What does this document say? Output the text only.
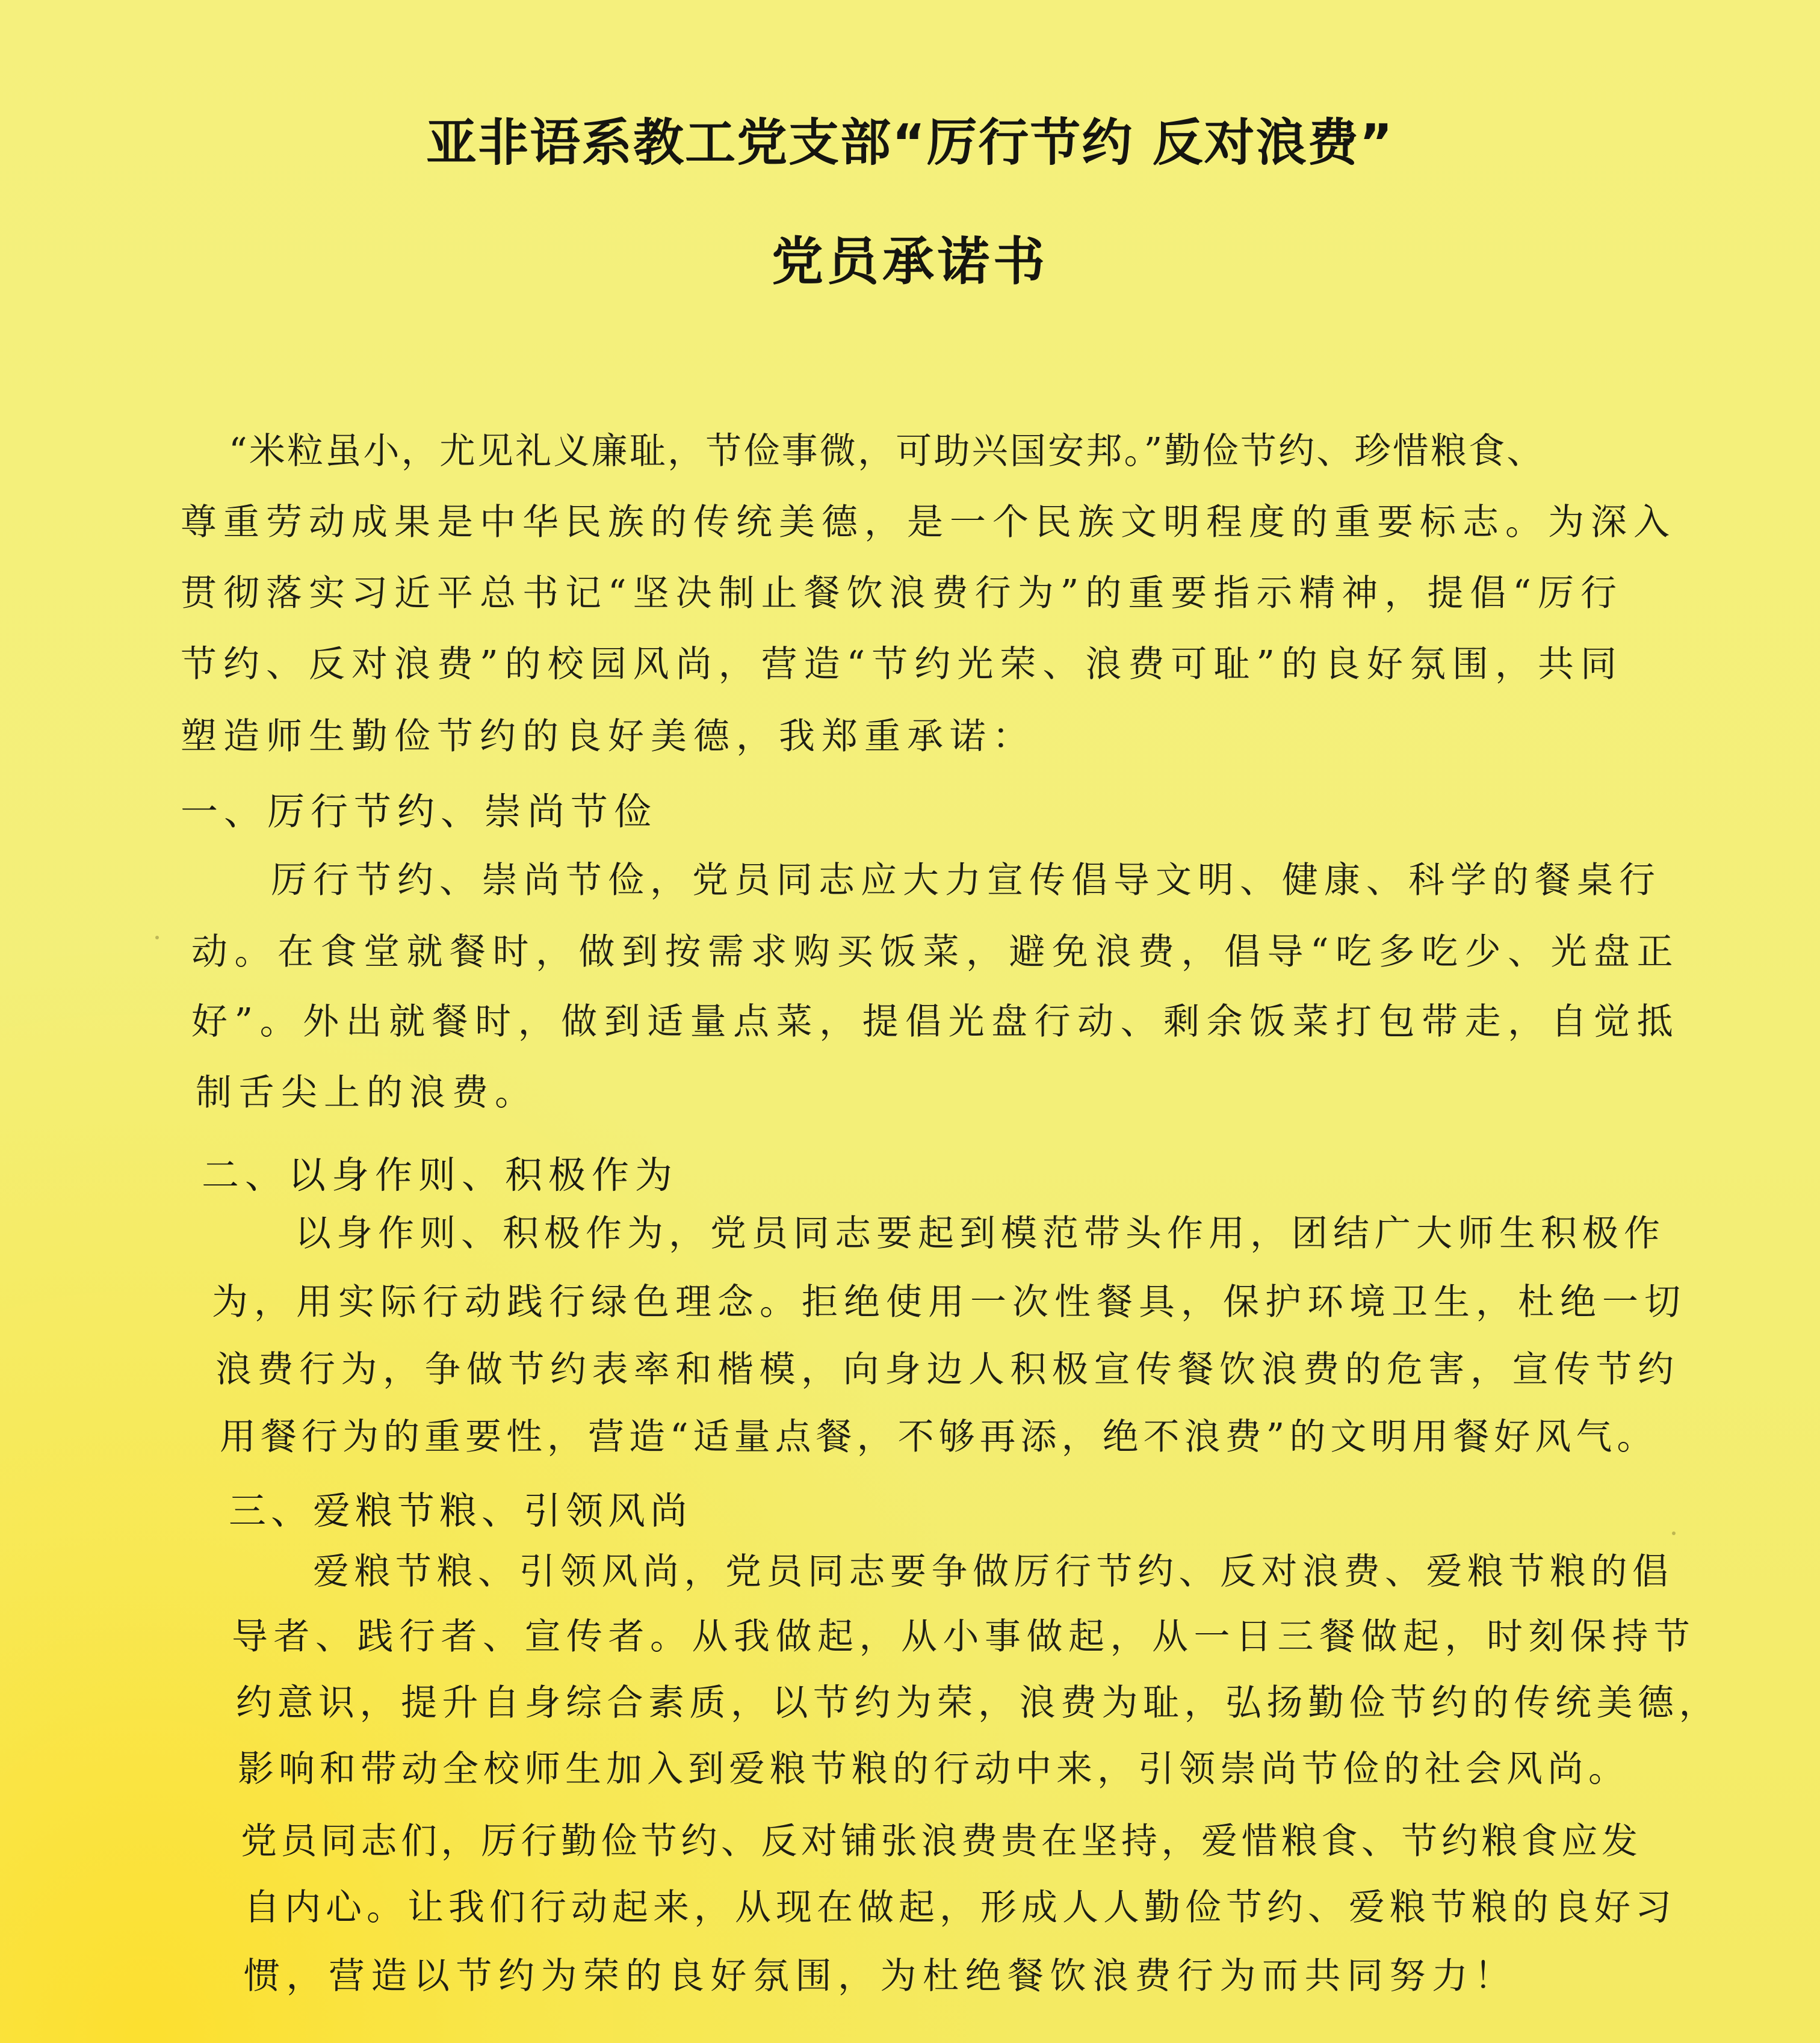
亚非语系教工党支部“厉行节约 反对浪费”
党员承诺书
“米粒虽小，尤见礼义廉耻，节俭事微，可助兴国安邦。”勤俭节约、珍惜粮食、
尊重劳动成果是中华民族的传统美德，是一个民族文明程度的重要标志。为深入
贯彻落实习近平总书记“坚决制止餐饮浪费行为”的重要指示精神，提倡“厉行
节约、反对浪费”的校园风尚，营造“节约光荣、浪费可耻”的良好氛围，共同
塑造师生勤俭节约的良好美德，我郑重承诺：
一、厉行节约、崇尚节俭
厉行节约、崇尚节俭，党员同志应大力宣传倡导文明、健康、科学的餐桌行
动。在食堂就餐时，做到按需求购买饭菜，避免浪费，倡导“吃多吃少、光盘正
好”。外出就餐时，做到适量点菜，提倡光盘行动、剩余饭菜打包带走，自觉抵
制舌尖上的浪费。
二、以身作则、积极作为
以身作则、积极作为，党员同志要起到模范带头作用，团结广大师生积极作
为，用实际行动践行绿色理念。拒绝使用一次性餐具，保护环境卫生，杜绝一切
浪费行为，争做节约表率和楷模，向身边人积极宣传餐饮浪费的危害，宣传节约
用餐行为的重要性，营造“适量点餐，不够再添，绝不浪费”的文明用餐好风气。
三、爱粮节粮、引领风尚
爱粮节粮、引领风尚，党员同志要争做厉行节约、反对浪费、爱粮节粮的倡
导者、践行者、宣传者。从我做起，从小事做起，从一日三餐做起，时刻保持节
约意识，提升自身综合素质，以节约为荣，浪费为耻，弘扬勤俭节约的传统美德，
影响和带动全校师生加入到爱粮节粮的行动中来，引领崇尚节俭的社会风尚。
党员同志们，厉行勤俭节约、反对铺张浪费贵在坚持，爱惜粮食、节约粮食应发
自内心。让我们行动起来，从现在做起，形成人人勤俭节约、爱粮节粮的良好习
惯，营造以节约为荣的良好氛围，为杜绝餐饮浪费行为而共同努力！
